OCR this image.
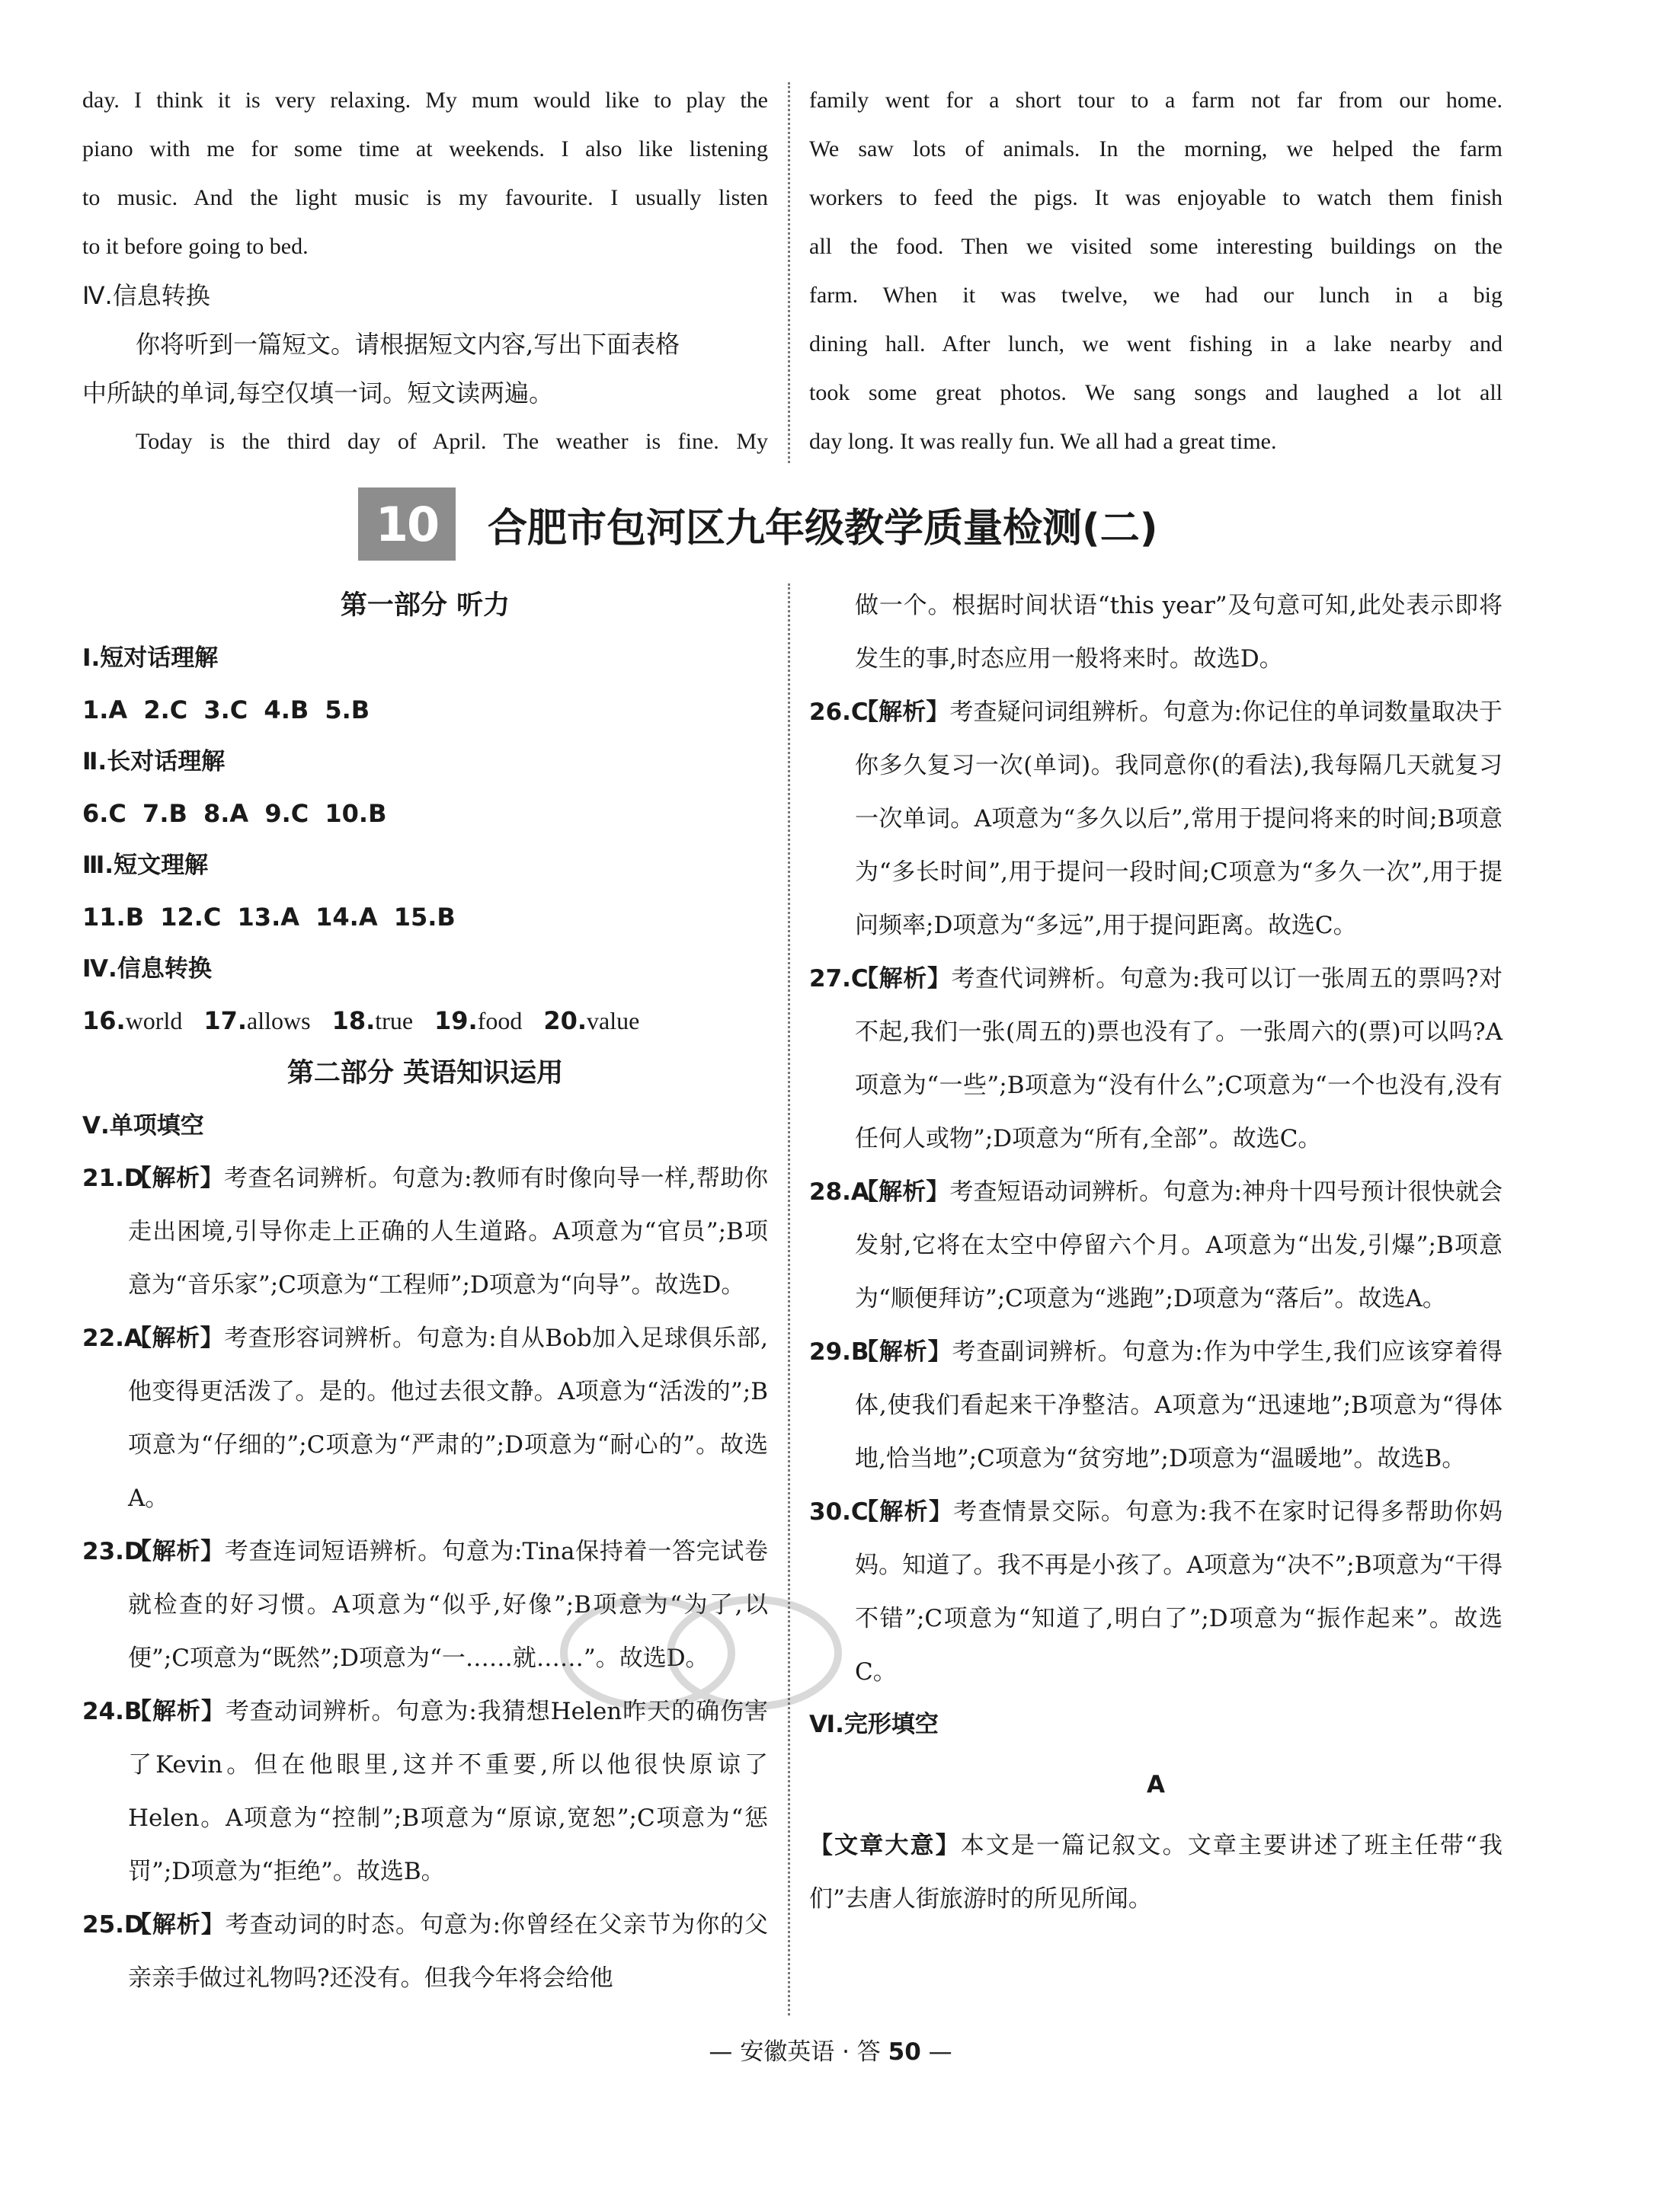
day. I think it is very relaxing. My mum would like to play the

piano with me for some time at weekends. I also like listening

to music. And the light music is my favourite. I usually listen

to it before going to bed.

Ⅳ.信息转换

你将听到一篇短文。请根据短文内容,写出下面表格

中所缺的单词,每空仅填一词。短文读两遍。

Today is the third day of April. The weather is fine. My

family went for a short tour to a farm not far from our home.

We saw lots of animals. In the morning, we helped the farm

workers to feed the pigs. It was enjoyable to watch them finish

all the food. Then we visited some interesting buildings on the

farm. When it was twelve, we had our lunch in a big

dining hall. After lunch, we went fishing in a lake nearby and

took some great photos. We sang songs and laughed a lot all

day long. It was really fun. We all had a great time.

10	合肥市包河区九年级教学质量检测(二)

第一部分 听力

Ⅰ.短对话理解

1.A 2.C 3.C 4.B 5.B

Ⅱ.长对话理解

6.C 7.B 8.A 9.C 10.B

Ⅲ.短文理解

11.B 12.C 13.A 14.A 15.B

Ⅳ.信息转换

16.world 17.allows 18.true 19.food 20.value

第二部分 英语知识运用

Ⅴ.单项填空

21.D
【解析】考查名词辨析。句意为:教师有时像向导一样,帮助你走出困境,引导你走上正确的人生道路。A项意为“官员”;B项意为“音乐家”;C项意为“工程师”;D项意为“向导”。故选D。
22.A
【解析】考查形容词辨析。句意为:自从Bob加入足球俱乐部,他变得更活泼了。是的。他过去很文静。A项意为“活泼的”;B项意为“仔细的”;C项意为“严肃的”;D项意为“耐心的”。故选A。
23.D
【解析】考查连词短语辨析。句意为:Tina保持着一答完试卷就检查的好习惯。A项意为“似乎,好像”;B项意为“为了,以便”;C项意为“既然”;D项意为“一……就……”。故选D。
24.B
【解析】考查动词辨析。句意为:我猜想Helen昨天的确伤害了Kevin。但在他眼里,这并不重要,所以他很快原谅了Helen。A项意为“控制”;B项意为“原谅,宽恕”;C项意为“惩罚”;D项意为“拒绝”。故选B。
25.D
【解析】考查动词的时态。句意为:你曾经在父亲节为你的父亲亲手做过礼物吗?还没有。但我今年将会给他
做一个。根据时间状语“this year”及句意可知,此处表示即将发生的事,时态应用一般将来时。故选D。
26.C
【解析】考查疑问词组辨析。句意为:你记住的单词数量取决于你多久复习一次(单词)。我同意你(的看法),我每隔几天就复习一次单词。A项意为“多久以后”,常用于提问将来的时间;B项意为“多长时间”,用于提问一段时间;C项意为“多久一次”,用于提问频率;D项意为“多远”,用于提问距离。故选C。
27.C
【解析】考查代词辨析。句意为:我可以订一张周五的票吗?对不起,我们一张(周五的)票也没有了。一张周六的(票)可以吗?A项意为“一些”;B项意为“没有什么”;C项意为“一个也没有,没有任何人或物”;D项意为“所有,全部”。故选C。
28.A
【解析】考查短语动词辨析。句意为:神舟十四号预计很快就会发射,它将在太空中停留六个月。A项意为“出发,引爆”;B项意为“顺便拜访”;C项意为“逃跑”;D项意为“落后”。故选A。
29.B
【解析】考查副词辨析。句意为:作为中学生,我们应该穿着得体,使我们看起来干净整洁。A项意为“迅速地”;B项意为“得体地,恰当地”;C项意为“贫穷地”;D项意为“温暖地”。故选B。
30.C
【解析】考查情景交际。句意为:我不在家时记得多帮助你妈妈。知道了。我不再是小孩了。A项意为“决不”;B项意为“干得不错”;C项意为“知道了,明白了”;D项意为“振作起来”。故选C。

Ⅵ.完形填空

A

【文章大意】本文是一篇记叙文。文章主要讲述了班主任带“我们”去唐人街旅游时的所见所闻。

— 安徽英语 · 答 50 —
